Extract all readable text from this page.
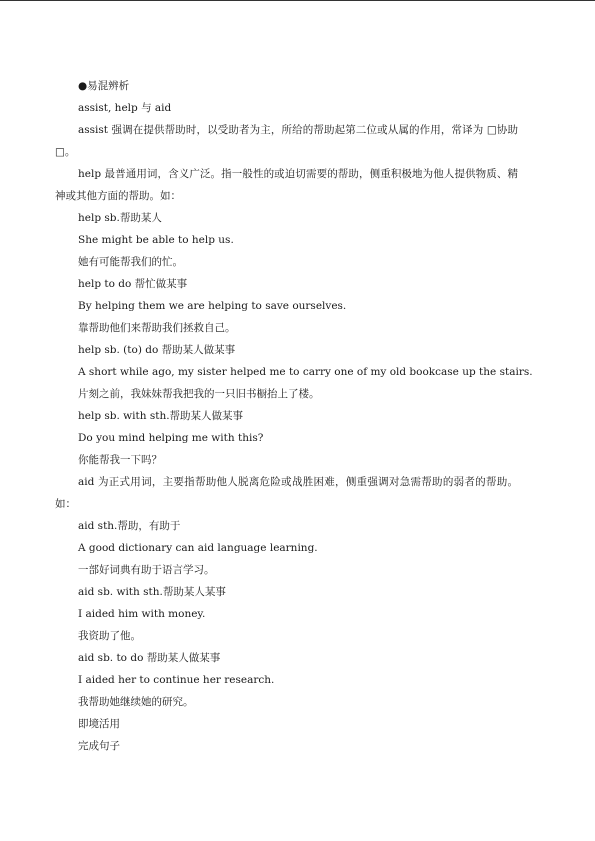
●易混辨析
assist, help 与 aid
assist 强调在提供帮助时，以受助者为主，所给的帮助起第二位或从属的作用，常译为 □协助□。
help 最普通用词，含义广泛。指一般性的或迫切需要的帮助，侧重积极地为他人提供物质、精神或其他方面的帮助。如：
help sb.帮助某人
She might be able to help us.
她有可能帮我们的忙。
help to do 帮忙做某事
By helping them we are helping to save ourselves.
靠帮助他们来帮助我们拯救自己。
help sb. (to) do 帮助某人做某事
A short while ago, my sister helped me to carry one of my old bookcase up the stairs.
片刻之前，我妹妹帮我把我的一只旧书橱抬上了楼。
help sb. with sth.帮助某人做某事
Do you mind helping me with this?
你能帮我一下吗？
aid 为正式用词，主要指帮助他人脱离危险或战胜困难，侧重强调对急需帮助的弱者的帮助。如：
aid sth.帮助，有助于
A good dictionary can aid language learning.
一部好词典有助于语言学习。
aid sb. with sth.帮助某人某事
I aided him with money.
我资助了他。
aid sb. to do 帮助某人做某事
I aided her to continue her research.
我帮助她继续她的研究。
即境活用
完成句子
